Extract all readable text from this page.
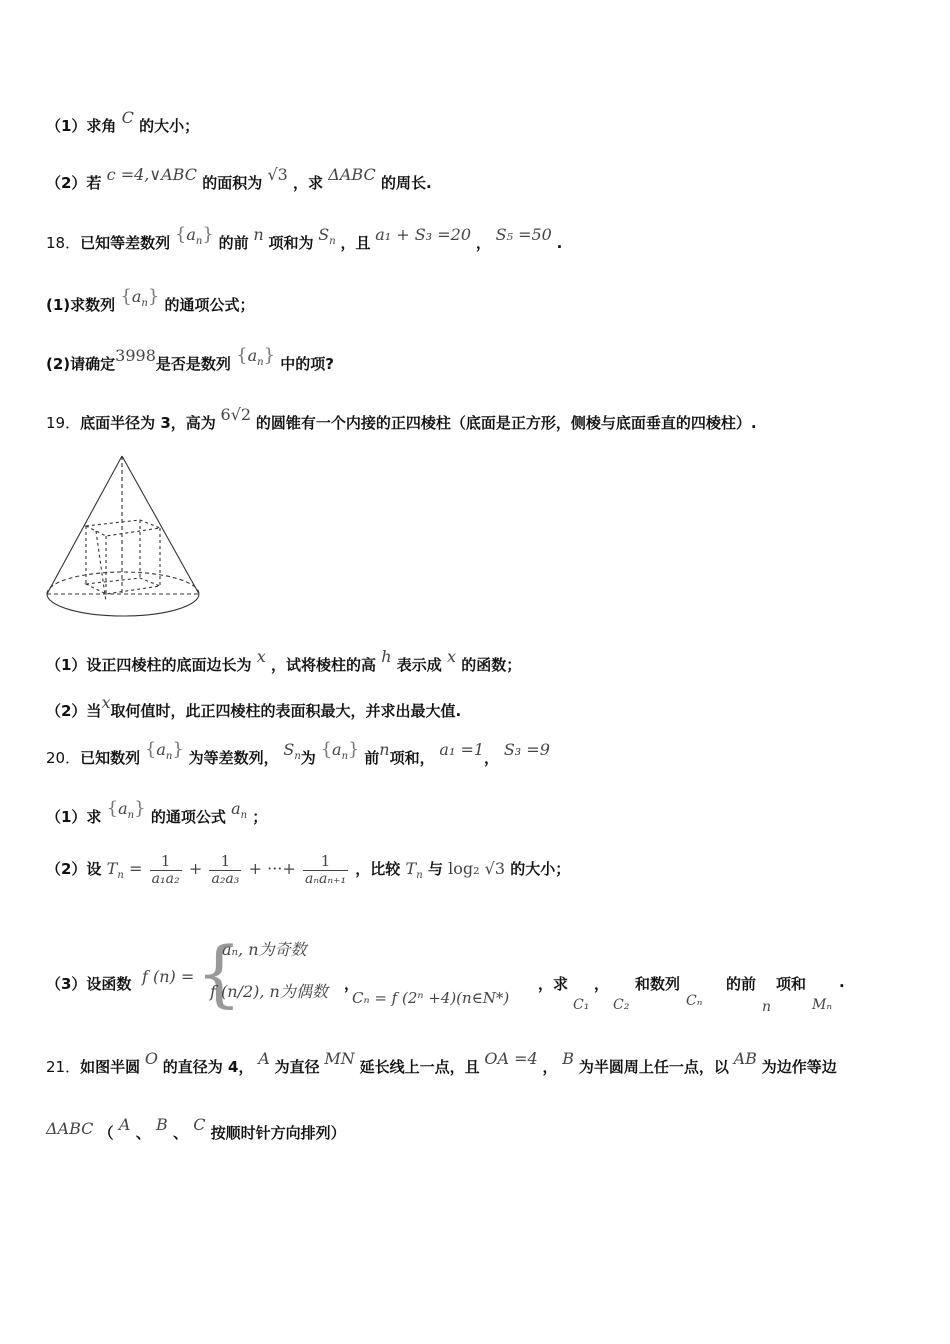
（1）求角 C 的大小；
（2）若 c =4,∨ABC 的面积为 √3 ，求 ΔABC 的周长.
18．已知等差数列 $\{a^n\}$ 的前 n 项和为 $S^n$ ，且 a₁ + S₃ =20 ， S₅ =50 .
(1)求数列 $\{a^n\}$ 的通项公式；
(2)请确定3998是否是数列 $\{a^n\}$ 中的项?
19．底面半径为 3，高为 6√2 的圆锥有一个内接的正四棱柱（底面是正方形，侧棱与底面垂直的四棱柱）.
（1）设正四棱柱的底面边长为 x ，试将棱柱的高 h 表示成 x 的函数；
（2）当x取何值时，此正四棱柱的表面积最大，并求出最大值.
20．已知数列 $\{a^n\}$ 为等差数列， $S^n$为 $\{a^n\}$ 前n项和， a₁ =1， S₃ =9
（1）求 $\{a^n\}$ 的通项公式 $a^n$ ；
（2）设 $T_n = \frac{1}{\text{a₁a₂}} + \frac{1}{\text{a₂a₃}}$ + ···+ $\frac{1}{\text{aₙaₙ₊₁}}$ ，比较 $T_n$ 与 log₂ √3 的大小；
（3）设函数 f (n) = {
aₙ, n为奇数
f (n/2), n为偶数 ，
Cₙ = f (2ⁿ +4)(n∈N*)
，求 ，
C₁ C₂
和数列
Cₙ
的前
n
项和
Mₙ
.
21．如图半圆 O 的直径为 4， A 为直径 MN 延长线上一点，且 OA =4 ， B 为半圆周上任一点，以 AB 为边作等边
ΔABC （ A 、 B 、 C 按顺时针方向排列）
